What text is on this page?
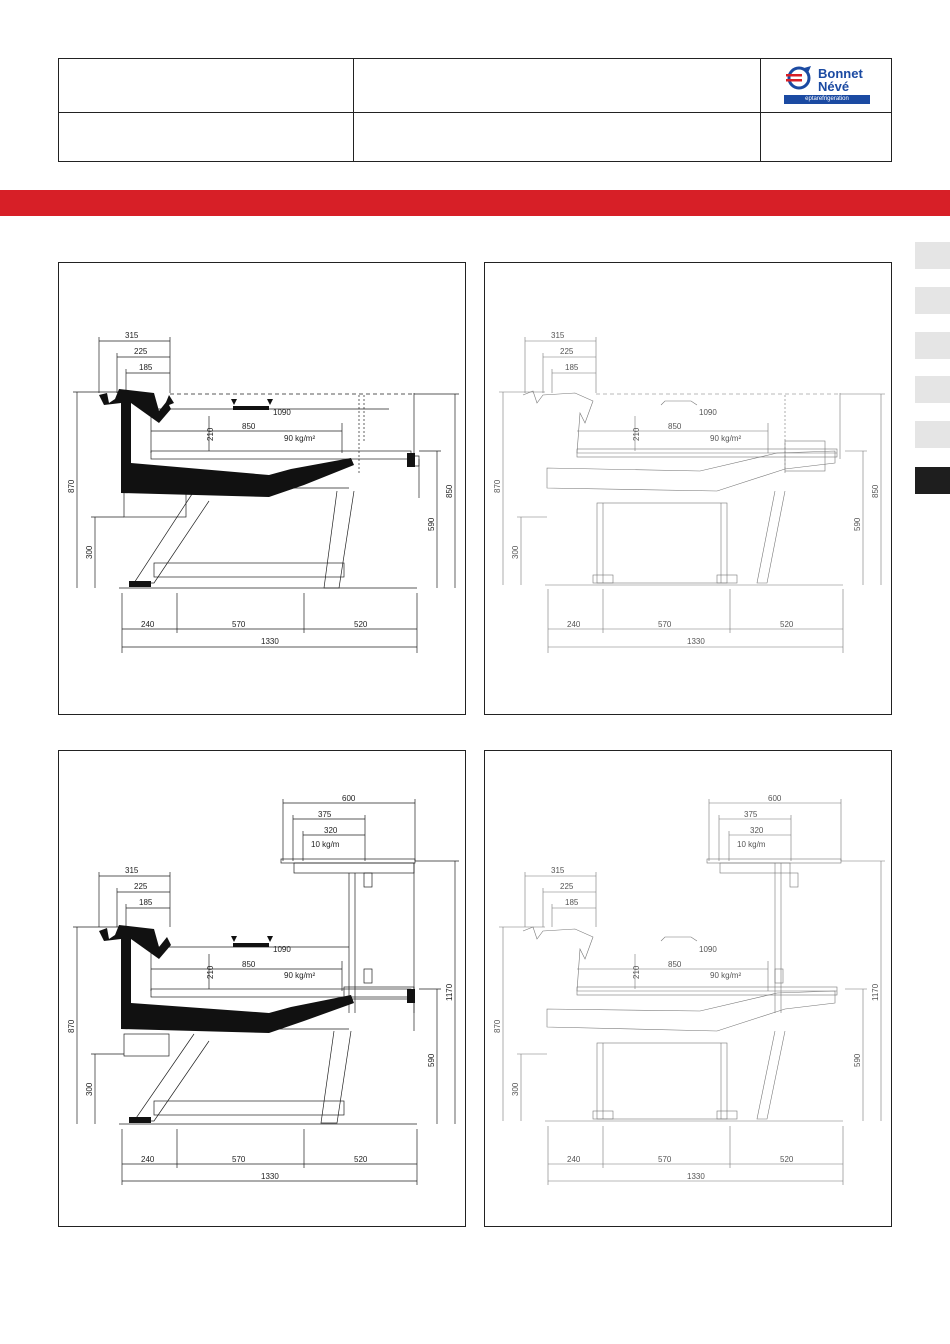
Bonnet
Névé
eptarefrigeration
315
225
185
1090
210
850
90 kg/m²
870
300
590
850
240	570	520
1330
315
225
185
1090
210
850
90 kg/m²
870
300
590
850
240	570	520
1330
600
375
320
10 kg/m
315
225
185
1090
210
850
90 kg/m²
870
300
590
1170
240	570	520
1330
600
375
320
10 kg/m
315
225
185
1090
210
850
90 kg/m²
870
300
590
1170
240	570	520
1330
